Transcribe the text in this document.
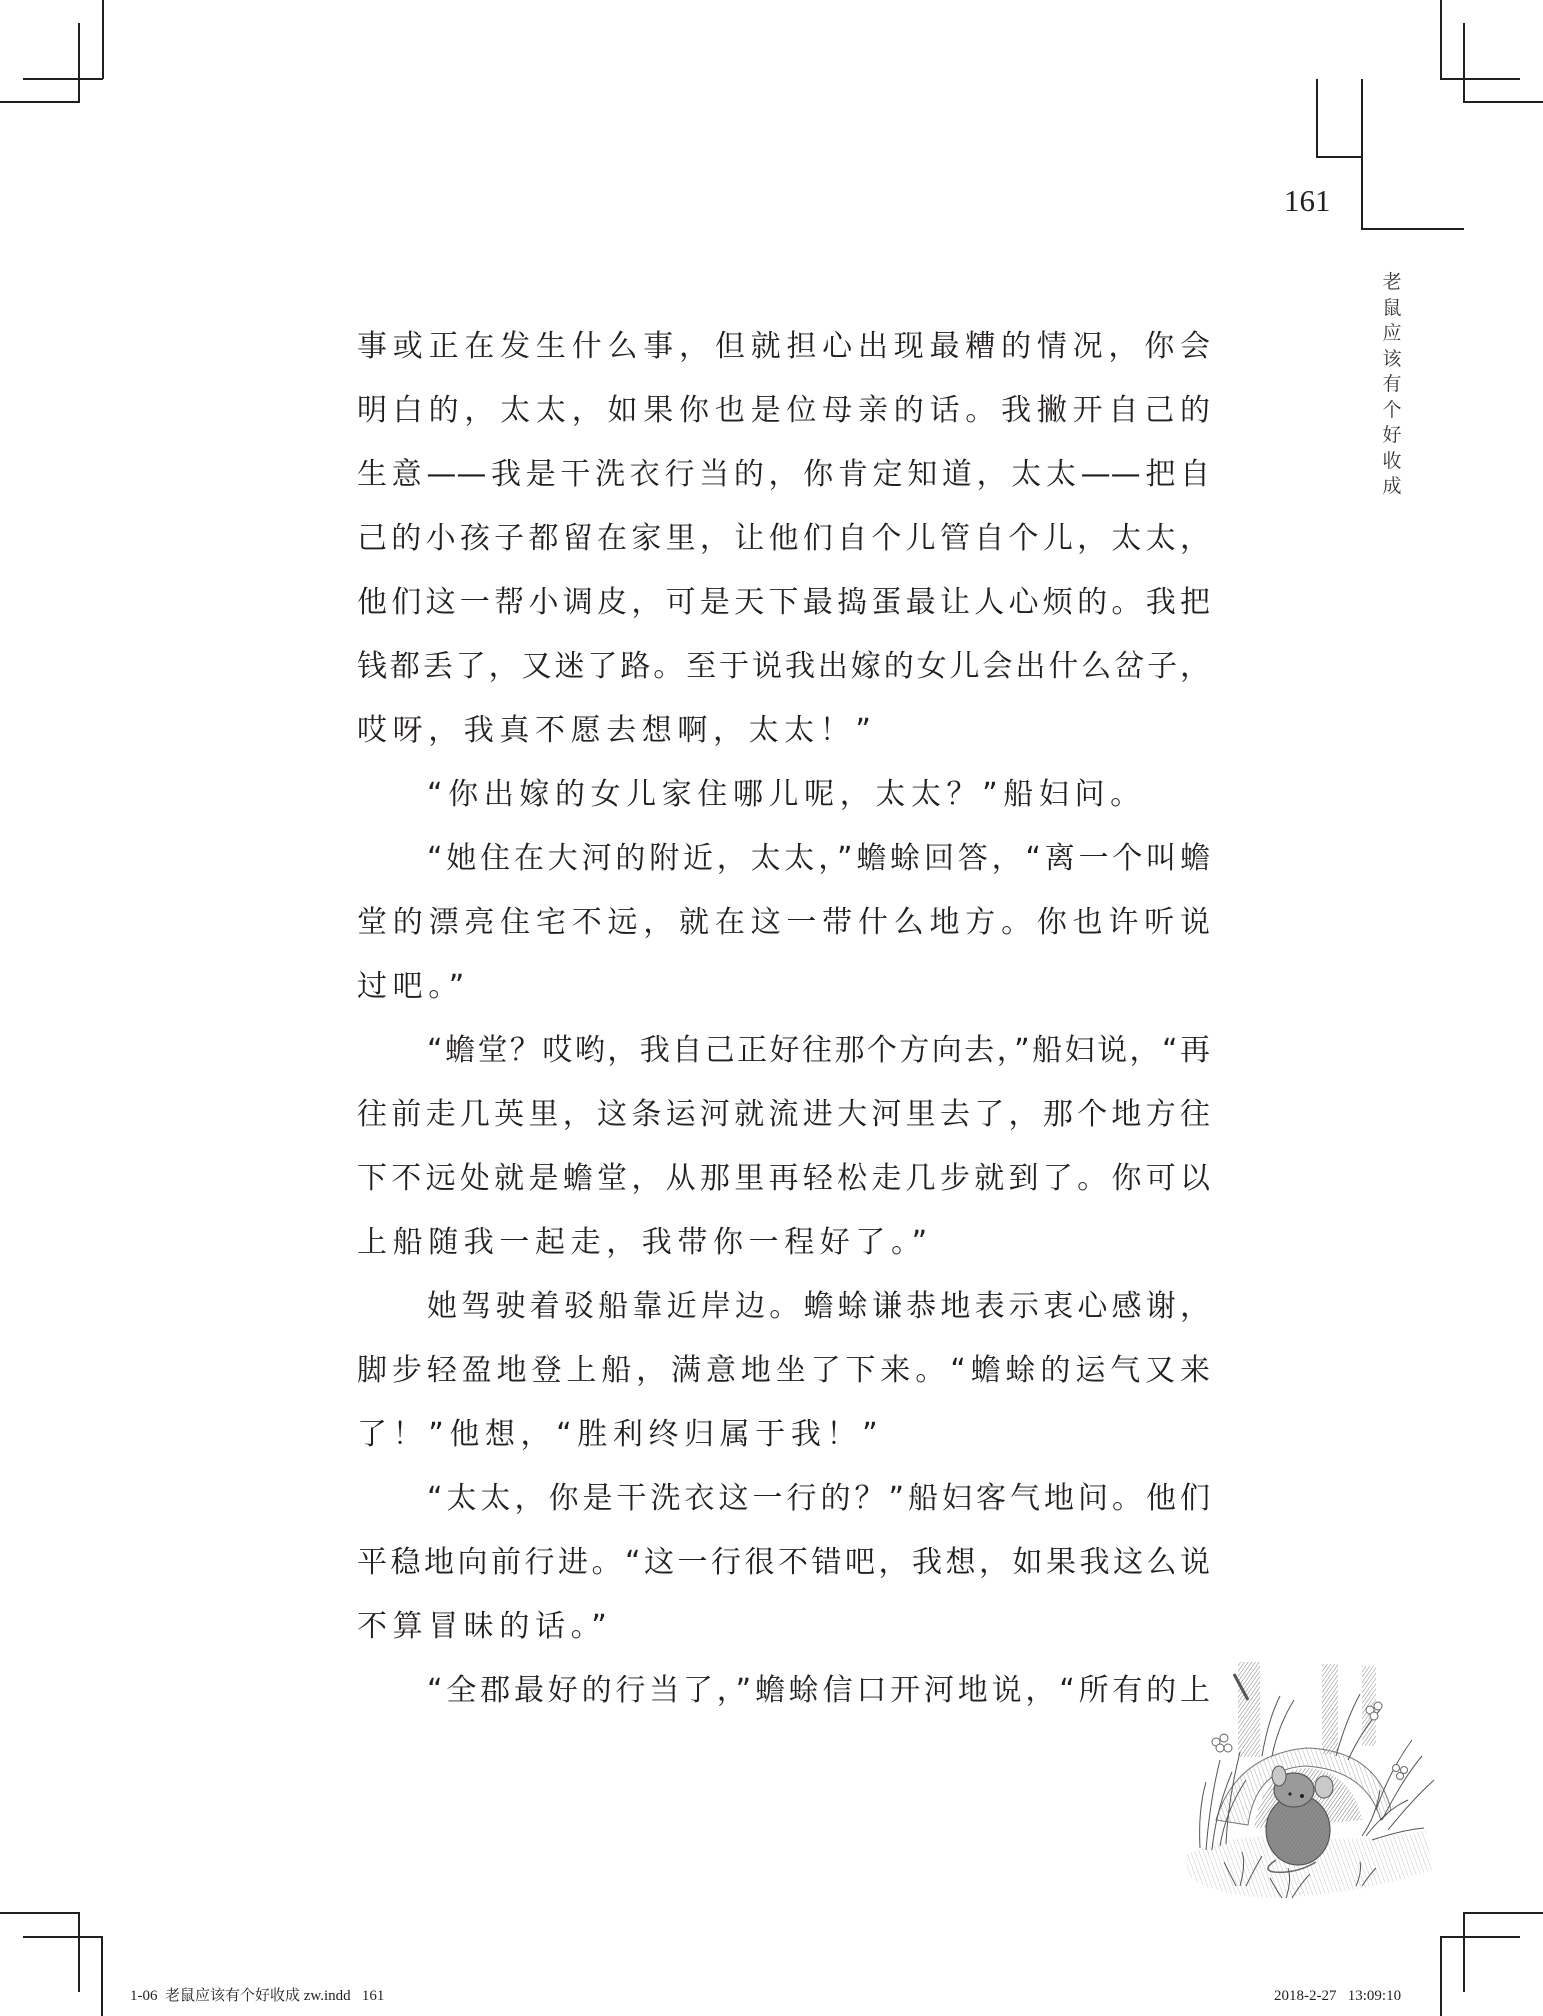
161
老鼠应该有个好收成
事或正在发生什么事，但就担心出现最糟的情况，你会
明白的，太太，如果你也是位母亲的话。我撇开自己的
生意——我是干洗衣行当的，你肯定知道，太太——把自
己的小孩子都留在家里，让他们自个儿管自个儿，太太，
他们这一帮小调皮，可是天下最捣蛋最让人心烦的。我把
钱都丢了，又迷了路。至于说我出嫁的女儿会出什么岔子，
哎呀，我真不愿去想啊，太太！”
“你出嫁的女儿家住哪儿呢，太太？”船妇问。
“她住在大河的附近，太太，”蟾蜍回答，“离一个叫蟾
堂的漂亮住宅不远，就在这一带什么地方。你也许听说
过吧。”
“蟾堂？哎哟，我自己正好往那个方向去，”船妇说，“再
往前走几英里，这条运河就流进大河里去了，那个地方往
下不远处就是蟾堂，从那里再轻松走几步就到了。你可以
上船随我一起走，我带你一程好了。”
她驾驶着驳船靠近岸边。蟾蜍谦恭地表示衷心感谢，
脚步轻盈地登上船，满意地坐了下来。“蟾蜍的运气又来
了！”他想，“胜利终归属于我！”
“太太，你是干洗衣这一行的？”船妇客气地问。他们
平稳地向前行进。“这一行很不错吧，我想，如果我这么说
不算冒昧的话。”
“全郡最好的行当了，”蟾蜍信口开河地说，“所有的上
1-06  老鼠应该有个好收成 zw.indd   161	2018-2-27   13:09:10
